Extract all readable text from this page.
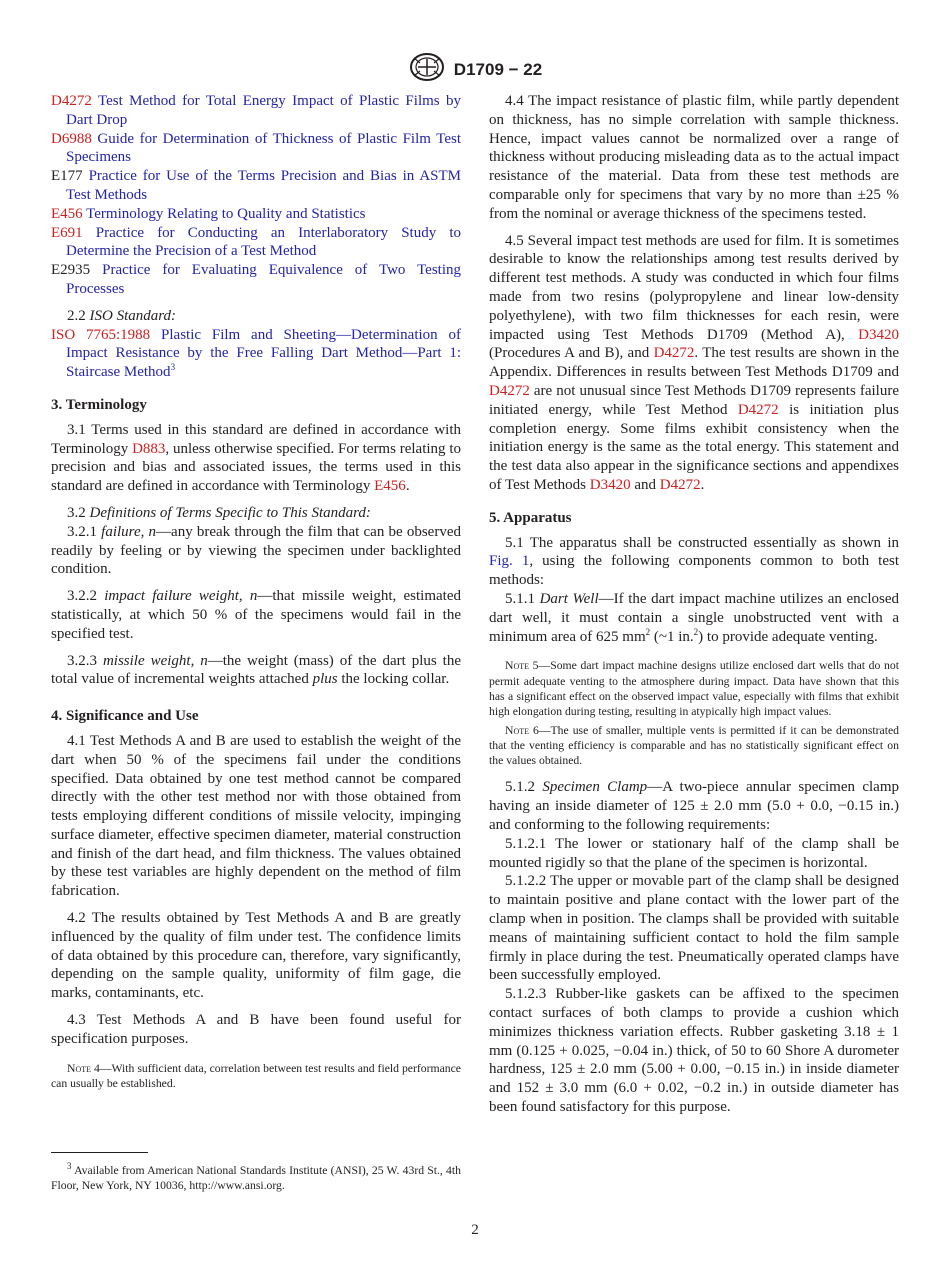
D1709 − 22

D4272 Test Method for Total Energy Impact of Plastic Films by Dart Drop

D6988 Guide for Determination of Thickness of Plastic Film Test Specimens

E177 Practice for Use of the Terms Precision and Bias in ASTM Test Methods

E456 Terminology Relating to Quality and Statistics

E691 Practice for Conducting an Interlaboratory Study to Determine the Precision of a Test Method

E2935 Practice for Evaluating Equivalence of Two Testing Processes

2.2 ISO Standard:

ISO 7765:1988 Plastic Film and Sheeting—Determination of Impact Resistance by the Free Falling Dart Method—Part 1: Staircase Method$^3$

3. Terminology

3.1 Terms used in this standard are defined in accordance with Terminology D883, unless otherwise specified. For terms relating to precision and bias and associated issues, the terms used in this standard are defined in accordance with Terminology E456.

3.2 Definitions of Terms Specific to This Standard:

3.2.1 failure, n—any break through the film that can be observed readily by feeling or by viewing the specimen under backlighted condition.

3.2.2 impact failure weight, n—that missile weight, estimated statistically, at which 50 % of the specimens would fail in the specified test.

3.2.3 missile weight, n—the weight (mass) of the dart plus the total value of incremental weights attached plus the locking collar.

4. Significance and Use

4.1 Test Methods A and B are used to establish the weight of the dart when 50 % of the specimens fail under the conditions specified. Data obtained by one test method cannot be compared directly with the other test method nor with those obtained from tests employing different conditions of missile velocity, impinging surface diameter, effective specimen diameter, material construction and finish of the dart head, and film thickness. The values obtained by these test variables are highly dependent on the method of film fabrication.

4.2 The results obtained by Test Methods A and B are greatly influenced by the quality of film under test. The confidence limits of data obtained by this procedure can, therefore, vary significantly, depending on the sample quality, uniformity of film gage, die marks, contaminants, etc.

4.3 Test Methods A and B have been found useful for specification purposes.

Note 4—With sufficient data, correlation between test results and field performance can usually be established.

4.4 The impact resistance of plastic film, while partly dependent on thickness, has no simple correlation with sample thickness. Hence, impact values cannot be normalized over a range of thickness without producing misleading data as to the actual impact resistance of the material. Data from these test methods are comparable only for specimens that vary by no more than ±25 % from the nominal or average thickness of the specimens tested.

4.5 Several impact test methods are used for film. It is sometimes desirable to know the relationships among test results derived by different test methods. A study was conducted in which four films made from two resins (polypropylene and linear low-density polyethylene), with two film thicknesses for each resin, were impacted using Test Methods D1709 (Method A), D3420 (Procedures A and B), and D4272. The test results are shown in the Appendix. Differences in results between Test Methods D1709 and D4272 are not unusual since Test Methods D1709 represents failure initiated energy, while Test Method D4272 is initiation plus completion energy. Some films exhibit consistency when the initiation energy is the same as the total energy. This statement and the test data also appear in the significance sections and appendixes of Test Methods D3420 and D4272.

5. Apparatus

5.1 The apparatus shall be constructed essentially as shown in Fig. 1, using the following components common to both test methods:

5.1.1 Dart Well—If the dart impact machine utilizes an enclosed dart well, it must contain a single unobstructed vent with a minimum area of 625 $mm^2$ (~1 in.$^2$) to provide adequate venting.

Note 5—Some dart impact machine designs utilize enclosed dart wells that do not permit adequate venting to the atmosphere during impact. Data have shown that this has a significant effect on the observed impact value, especially with films that exhibit high elongation during testing, resulting in atypically high impact values.

Note 6—The use of smaller, multiple vents is permitted if it can be demonstrated that the venting efficiency is comparable and has no statistically significant effect on the values obtained.

5.1.2 Specimen Clamp—A two-piece annular specimen clamp having an inside diameter of 125 ± 2.0 mm (5.0 + 0.0, −0.15 in.) and conforming to the following requirements:

5.1.2.1 The lower or stationary half of the clamp shall be mounted rigidly so that the plane of the specimen is horizontal.

5.1.2.2 The upper or movable part of the clamp shall be designed to maintain positive and plane contact with the lower part of the clamp when in position. The clamps shall be provided with suitable means of maintaining sufficient contact to hold the film sample firmly in place during the test. Pneumatically operated clamps have been successfully employed.

5.1.2.3 Rubber-like gaskets can be affixed to the specimen contact surfaces of both clamps to provide a cushion which minimizes thickness variation effects. Rubber gasketing 3.18 ± 1 mm (0.125 + 0.025, −0.04 in.) thick, of 50 to 60 Shore A durometer hardness, 125 ± 2.0 mm (5.00 + 0.00, −0.15 in.) in inside diameter and 152 ± 3.0 mm (6.0 + 0.02, −0.2 in.) in outside diameter has been found satisfactory for this purpose.

$^3$ Available from American National Standards Institute (ANSI), 25 W. 43rd St., 4th Floor, New York, NY 10036, http://www.ansi.org.

2
